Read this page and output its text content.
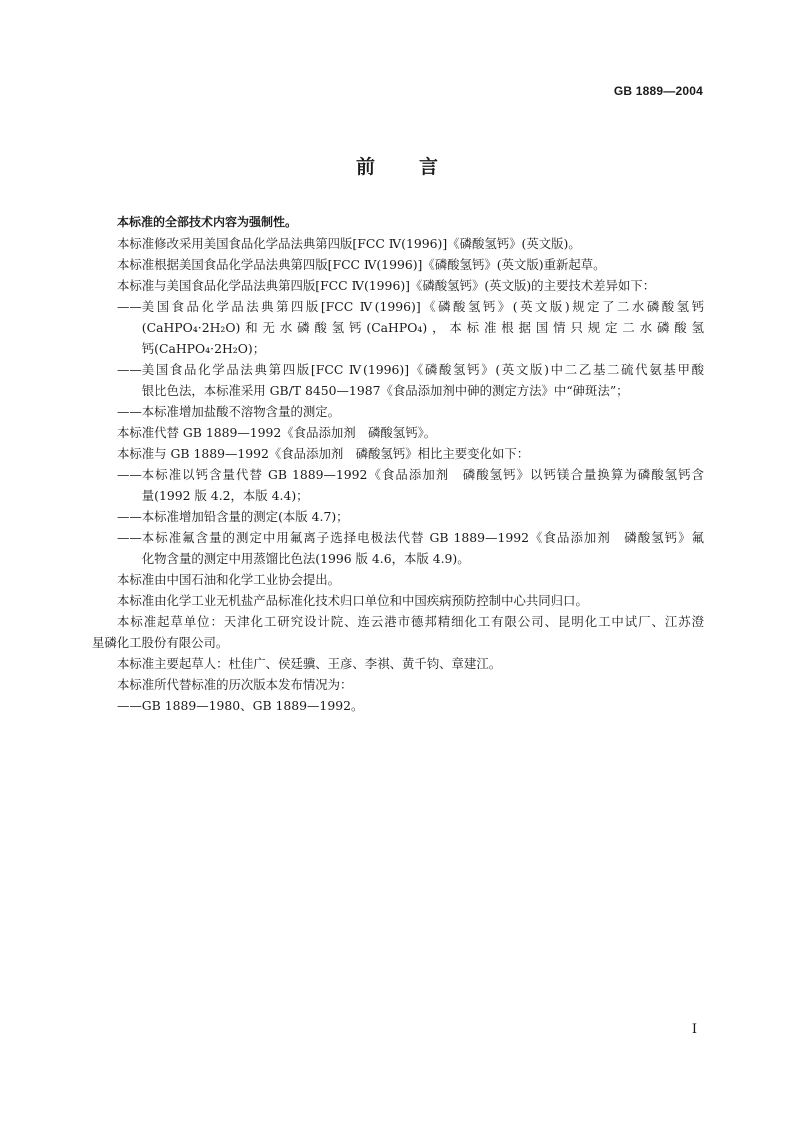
GB 1889—2004
前言
本标准的全部技术内容为强制性。
本标准修改采用美国食品化学品法典第四版[FCC Ⅳ(1996)]《磷酸氢钙》(英文版)。
本标准根据美国食品化学品法典第四版[FCC Ⅳ(1996)]《磷酸氢钙》(英文版)重新起草。
本标准与美国食品化学品法典第四版[FCC Ⅳ(1996)]《磷酸氢钙》(英文版)的主要技术差异如下：
—— 美国食品化学品法典第四版[FCC Ⅳ(1996)]《磷酸氢钙》(英文版)规定了二水磷酸氢钙
(CaHPO₄·2H₂O)和无水磷酸氢钙(CaHPO₄)，本标准根据国情只规定二水磷酸氢
钙(CaHPO₄·2H₂O)；
—— 美国食品化学品法典第四版[FCC Ⅳ(1996)]《磷酸氢钙》(英文版)中二乙基二硫代氨基甲酸
银比色法，本标准采用 GB/T 8450—1987《食品添加剂中砷的测定方法》中“砷斑法”；
——本标准增加盐酸不溶物含量的测定。
本标准代替 GB 1889—1992《食品添加剂　磷酸氢钙》。
本标准与 GB 1889—1992《食品添加剂　磷酸氢钙》相比主要变化如下：
—— 本标准以钙含量代替 GB 1889—1992《食品添加剂　磷酸氢钙》以钙镁合量换算为磷酸氢钙含
量(1992 版 4.2，本版 4.4)；
——本标准增加铅含量的测定(本版 4.7)；
—— 本标准氟含量的测定中用氟离子选择电极法代替 GB 1889—1992《食品添加剂　磷酸氢钙》氟
化物含量的测定中用蒸馏比色法(1996 版 4.6，本版 4.9)。
本标准由中国石油和化学工业协会提出。
本标准由化学工业无机盐产品标准化技术归口单位和中国疾病预防控制中心共同归口。
本标准起草单位：天津化工研究设计院、连云港市德邦精细化工有限公司、昆明化工中试厂、江苏澄
星磷化工股份有限公司。
本标准主要起草人：杜佳广、侯廷骥、王彦、李祺、黄千钧、章建江。
本标准所代替标准的历次版本发布情况为：
——GB 1889—1980、GB 1889—1992。
Ⅰ
